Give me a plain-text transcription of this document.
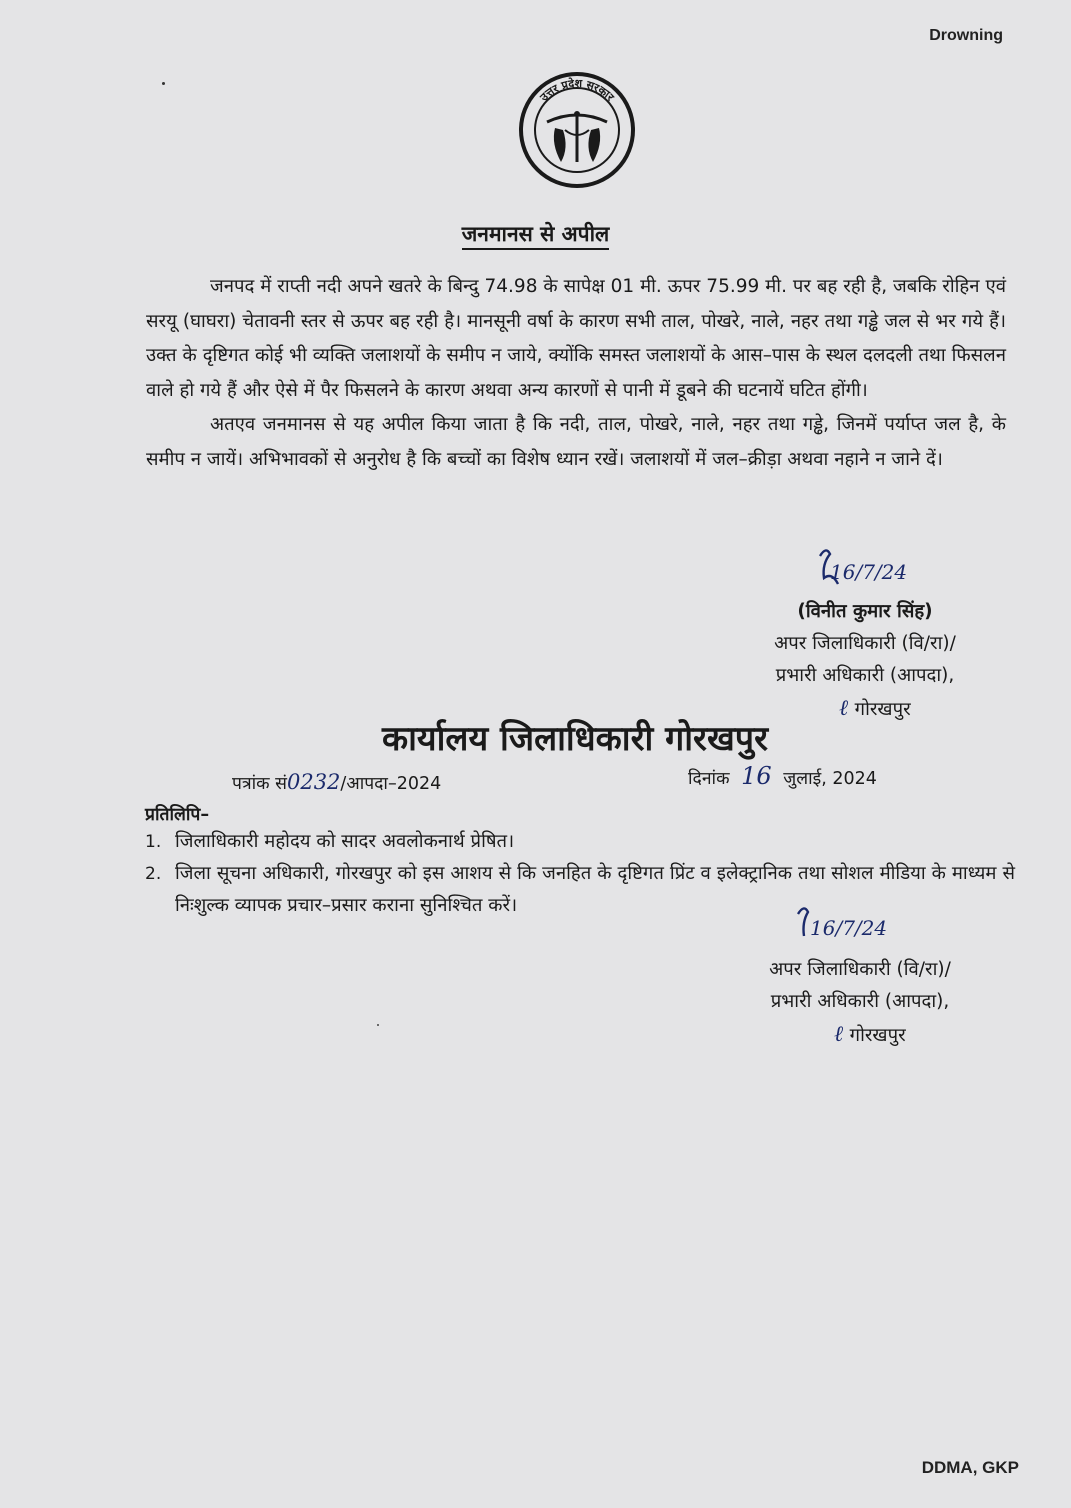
Drowning
उत्तर प्रदेश सरकार
जनमानस से अपील

जनपद में राप्ती नदी अपने खतरे के बिन्दु 74.98 के सापेक्ष 01 मी. ऊपर 75.99 मी. पर बह रही है, जबकि रोहिन एवं सरयू (घाघरा) चेतावनी स्तर से ऊपर बह रही है। मानसूनी वर्षा के कारण सभी ताल, पोखरे, नाले, नहर तथा गड्ढे जल से भर गये हैं। उक्त के दृष्टिगत कोई भी व्यक्ति जलाशयों के समीप न जाये, क्योंकि समस्त जलाशयों के आस–पास के स्थल दलदली तथा फिसलन वाले हो गये हैं और ऐसे में पैर फिसलने के कारण अथवा अन्य कारणों से पानी में डूबने की घटनायें घटित होंगी।

अतएव जनमानस से यह अपील किया जाता है कि नदी, ताल, पोखरे, नाले, नहर तथा गड्ढे, जिनमें पर्याप्त जल है, के समीप न जायें। अभिभावकों से अनुरोध है कि बच्चों का विशेष ध्यान रखें। जलाशयों में जल–क्रीड़ा अथवा नहाने न जाने दें।

16/7/24
(विनीत कुमार सिंह)
अपर जिलाधिकारी (वि/रा)/
प्रभारी अधिकारी (आपदा),
ℓ गोरखपुर
कार्यालय जिलाधिकारी गोरखपुर
पत्रांक सं0232/आपदा–2024	दिनांक 16 जुलाई, 2024
प्रतिलिपि–
1. जिलाधिकारी महोदय को सादर अवलोकनार्थ प्रेषित।
2. जिला सूचना अधिकारी, गोरखपुर को इस आशय से कि जनहित के दृष्टिगत प्रिंट व इलेक्ट्रानिक तथा सोशल मीडिया के माध्यम से निःशुल्क व्यापक प्रचार–प्रसार कराना सुनिश्चित करें।
16/7/24
अपर जिलाधिकारी (वि/रा)/
प्रभारी अधिकारी (आपदा),
ℓ गोरखपुर
DDMA, GKP
